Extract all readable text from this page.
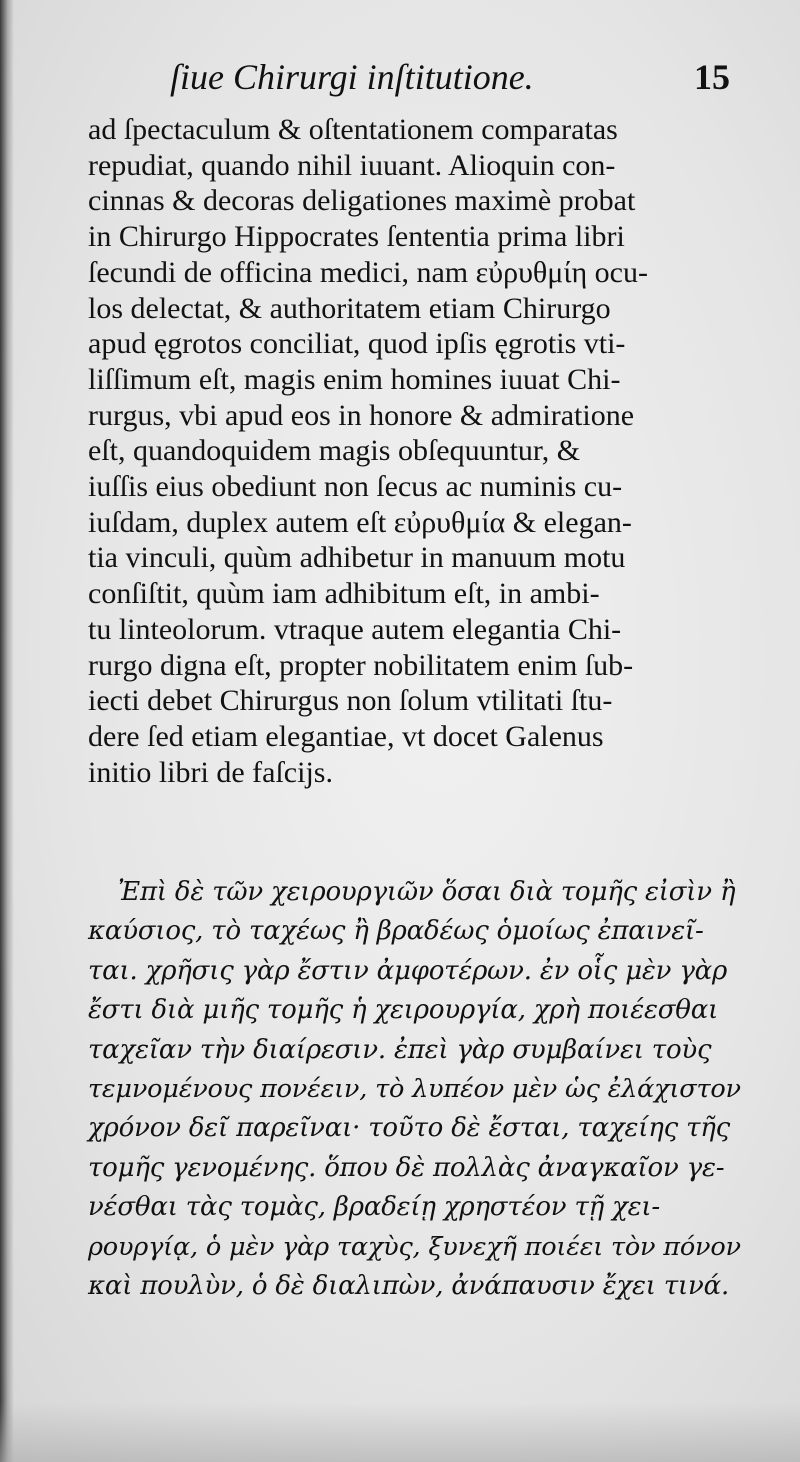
ſiue Chirurgi inſtitutione.	15
ad ſpectaculum & oſtentationem comparatas
repudiat, quando nihil iuuant. Alioquin con-
cinnas & decoras deligationes maximè probat
in Chirurgo Hippocrates ſententia prima libri
ſecundi de officina medici, nam εὐρυθμίη ocu-
los delectat, & authoritatem etiam Chirurgo
apud ęgrotos conciliat, quod ipſis ęgrotis vti-
liſſimum eſt, magis enim homines iuuat Chi-
rurgus, vbi apud eos in honore & admiratione
eſt, quandoquidem magis obſequuntur, &
iuſſis eius obediunt non ſecus ac numinis cu-
iuſdam, duplex autem eſt εὐρυθμία & elegan-
tia vinculi, quùm adhibetur in manuum motu
conſiſtit, quùm iam adhibitum eſt, in ambi-
tu linteolorum. vtraque autem elegantia Chi-
rurgo digna eſt, propter nobilitatem enim ſub-
iecti debet Chirurgus non ſolum vtilitati ſtu-
dere ſed etiam elegantiae, vt docet Galenus
initio libri de faſcijs.
Ἐπὶ δὲ τῶν χειρουργιῶν ὅσαι διὰ τομῆς εἰσὶν ἢ
καύσιος, τὸ ταχέως ἢ βραδέως ὁμοίως ἐπαινεῖ-
ται. χρῆσις γὰρ ἔστιν ἀμφοτέρων. ἐν οἷς μὲν γὰρ
ἔστι διὰ μιῆς τομῆς ἡ χειρουργία, χρὴ ποιέεσθαι
ταχεῖαν τὴν διαίρεσιν. ἐπεὶ γὰρ συμβαίνει τοὺς
τεμνομένους πονέειν, τὸ λυπέον μὲν ὡς ἐλάχιστον
χρόνον δεῖ παρεῖναι· τοῦτο δὲ ἔσται, ταχείης τῆς
τομῆς γενομένης. ὅπου δὲ πολλὰς ἀναγκαῖον γε-
νέσθαι τὰς τομὰς, βραδείῃ χρηστέον τῇ χει-
ρουργίᾳ, ὁ μὲν γὰρ ταχὺς, ξυνεχῆ ποιέει τὸν πόνον
καὶ πουλὺν, ὁ δὲ διαλιπὼν, ἀνάπαυσιν ἔχει τινά.
